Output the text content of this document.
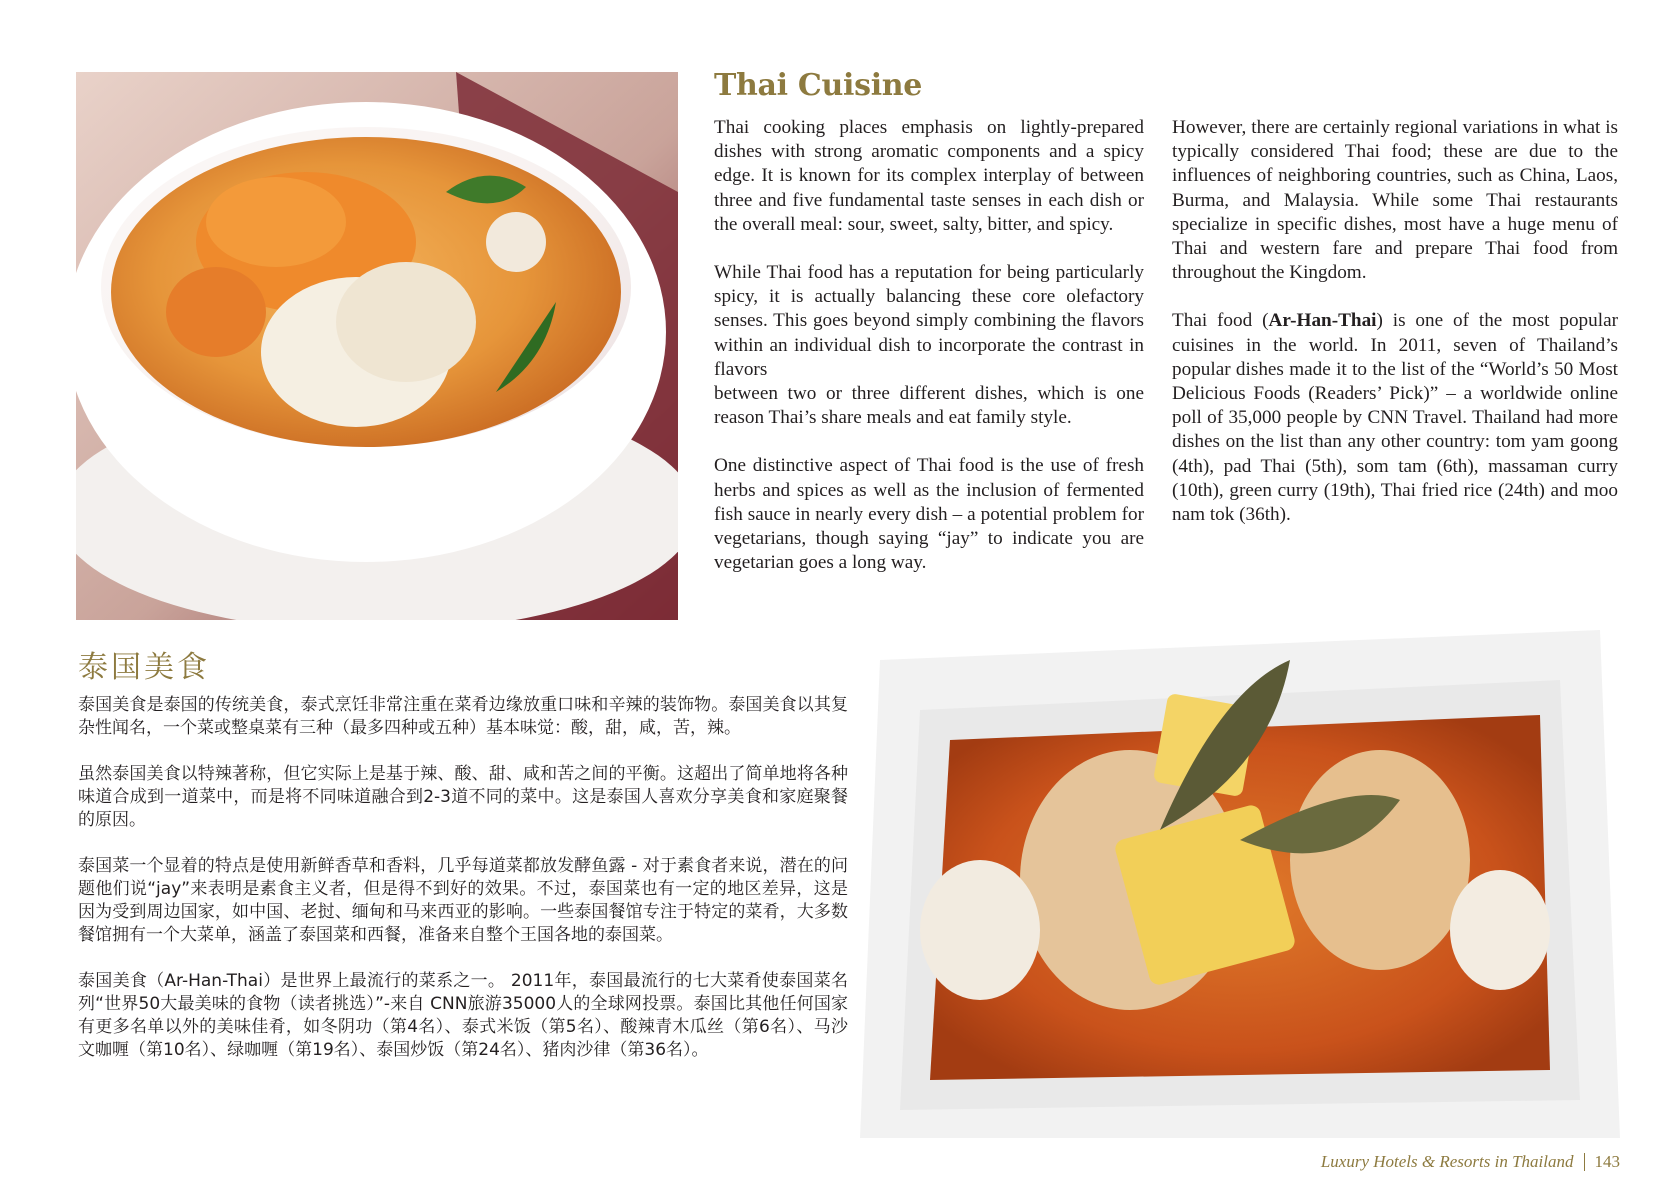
Thai Cuisine

Thai cooking places emphasis on lightly-prepared dishes with strong aromatic components and a spicy edge. It is known for its complex interplay of between three and five fundamental taste senses in each dish or the overall meal: sour, sweet, salty, bitter, and spicy.

While Thai food has a reputation for being particularly spicy, it is actually balancing these core olefactory senses. This goes beyond simply combining the flavors within an individual dish to incorporate the contrast in flavors

between two or three different dishes, which is one reason Thai’s share meals and eat family style.

One distinctive aspect of Thai food is the use of fresh herbs and spices as well as the inclusion of fermented fish sauce in nearly every dish – a potential problem for vegetarians, though saying “jay” to indicate you are vegetarian goes a long way.

However, there are certainly regional variations in what is typically considered Thai food; these are due to the influences of neighboring countries, such as China, Laos, Burma, and Malaysia. While some Thai restaurants specialize in specific dishes, most have a huge menu of Thai and western fare and prepare Thai food from throughout the Kingdom.

Thai food (Ar-Han-Thai) is one of the most popular cuisines in the world. In 2011, seven of Thailand’s popular dishes made it to the list of the “World’s 50 Most Delicious Foods (Readers’ Pick)” – a worldwide online poll of 35,000 people by CNN Travel. Thailand had more dishes on the list than any other country: tom yam goong (4th), pad Thai (5th), som tam (6th), massaman curry (10th), green curry (19th), Thai fried rice (24th) and moo nam tok (36th).

泰国美食

泰国美食是泰国的传统美食，泰式烹饪非常注重在菜肴边缘放重口味和辛辣的装饰物。泰国美食以其复杂性闻名，一个菜或整桌菜有三种（最多四种或五种）基本味觉：酸，甜，咸，苦，辣。

虽然泰国美食以特辣著称，但它实际上是基于辣、酸、甜、咸和苦之间的平衡。这超出了简单地将各种味道合成到一道菜中，而是将不同味道融合到2-3道不同的菜中。这是泰国人喜欢分享美食和家庭聚餐的原因。

泰国菜一个显着的特点是使用新鲜香草和香料，几乎每道菜都放发酵鱼露 - 对于素食者来说，潜在的问题他们说“jay”来表明是素食主义者，但是得不到好的效果。不过，泰国菜也有一定的地区差异，这是因为受到周边国家，如中国、老挝、缅甸和马来西亚的影响。一些泰国餐馆专注于特定的菜肴，大多数餐馆拥有一个大菜单，涵盖了泰国菜和西餐，准备来自整个王国各地的泰国菜。

泰国美食（Ar-Han-Thai）是世界上最流行的菜系之一。 2011年，泰国最流行的七大菜肴使泰国菜名列“世界50大最美味的食物（读者挑选）”-来自 CNN旅游35000人的全球网投票。泰国比其他任何国家有更多名单以外的美味佳肴，如冬阴功（第4名）、泰式米饭（第5名）、酸辣青木瓜丝（第6名）、马沙文咖喱（第10名）、绿咖喱（第19名）、泰国炒饭（第24名）、猪肉沙律（第36名）。

Luxury Hotels & Resorts in Thailand 143
